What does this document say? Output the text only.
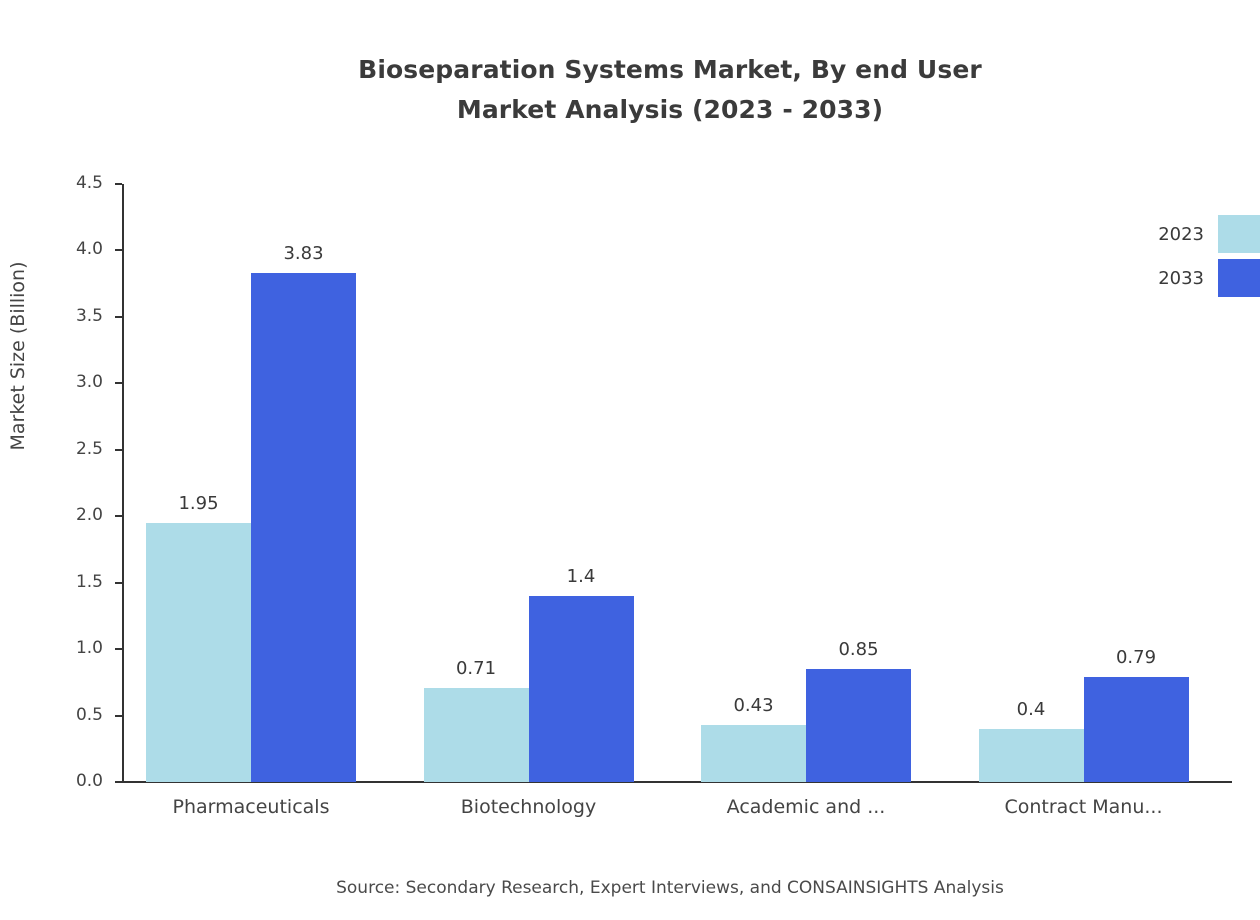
Bioseparation Systems Market, By end User
Market Analysis (2023 - 2033)
Market Size (Billion)
0.0
0.5
1.0
1.5
2.0
2.5
3.0
3.5
4.0
4.5
1.95
3.83
Pharmaceuticals
0.71
1.4
Biotechnology
0.43
0.85
Academic and ...
0.4
0.79
Contract Manu...
2023
2033
Source: Secondary Research, Expert Interviews, and CONSAINSIGHTS Analysis
